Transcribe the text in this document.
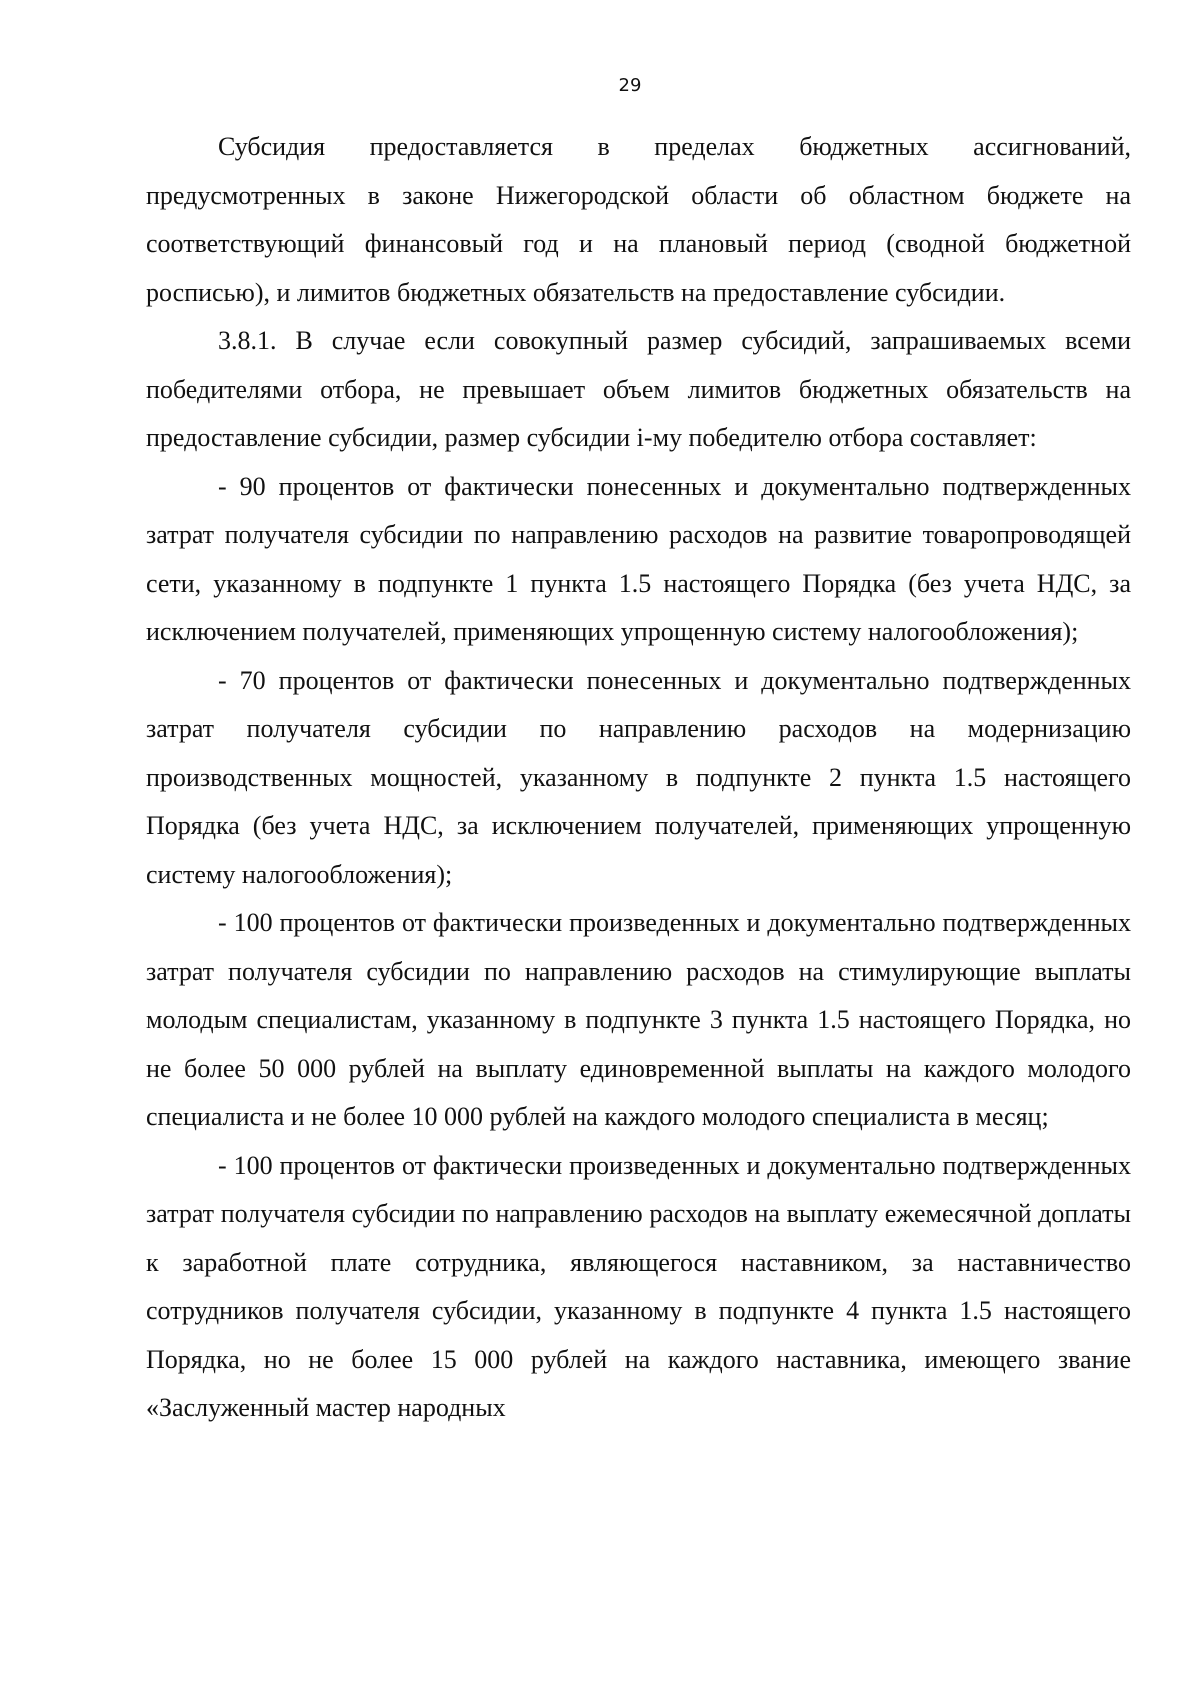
29

Субсидия предоставляется в пределах бюджетных ассигнований, предусмотренных в законе Нижегородской области об областном бюджете на соответствующий финансовый год и на плановый период (сводной бюджетной росписью), и лимитов бюджетных обязательств на предоставление субсидии.

3.8.1. В случае если совокупный размер субсидий, запрашиваемых всеми победителями отбора, не превышает объем лимитов бюджетных обязательств на предоставление субсидии, размер субсидии i-му победителю отбора составляет:

- 90 процентов от фактически понесенных и документально подтвержденных затрат получателя субсидии по направлению расходов на развитие товаропроводящей сети, указанному в подпункте 1 пункта 1.5 настоящего Порядка (без учета НДС, за исключением получателей, применяющих упрощенную систему налогообложения);

- 70 процентов от фактически понесенных и документально подтвержденных затрат получателя субсидии по направлению расходов на модернизацию производственных мощностей, указанному в подпункте 2 пункта 1.5 настоящего Порядка (без учета НДС, за исключением получателей, применяющих упрощенную систему налогообложения);

- 100 процентов от фактически произведенных и документально подтвержденных затрат получателя субсидии по направлению расходов на стимулирующие выплаты молодым специалистам, указанному в подпункте 3 пункта 1.5 настоящего Порядка, но не более 50 000 рублей на выплату единовременной выплаты на каждого молодого специалиста и не более 10 000 рублей на каждого молодого специалиста в месяц;

- 100 процентов от фактически произведенных и документально подтвержденных затрат получателя субсидии по направлению расходов на выплату ежемесячной доплаты к заработной плате сотрудника, являющегося наставником, за наставничество сотрудников получателя субсидии, указанному в подпункте 4 пункта 1.5 настоящего Порядка, но не более 15 000 рублей на каждого наставника, имеющего звание «Заслуженный мастер народных
